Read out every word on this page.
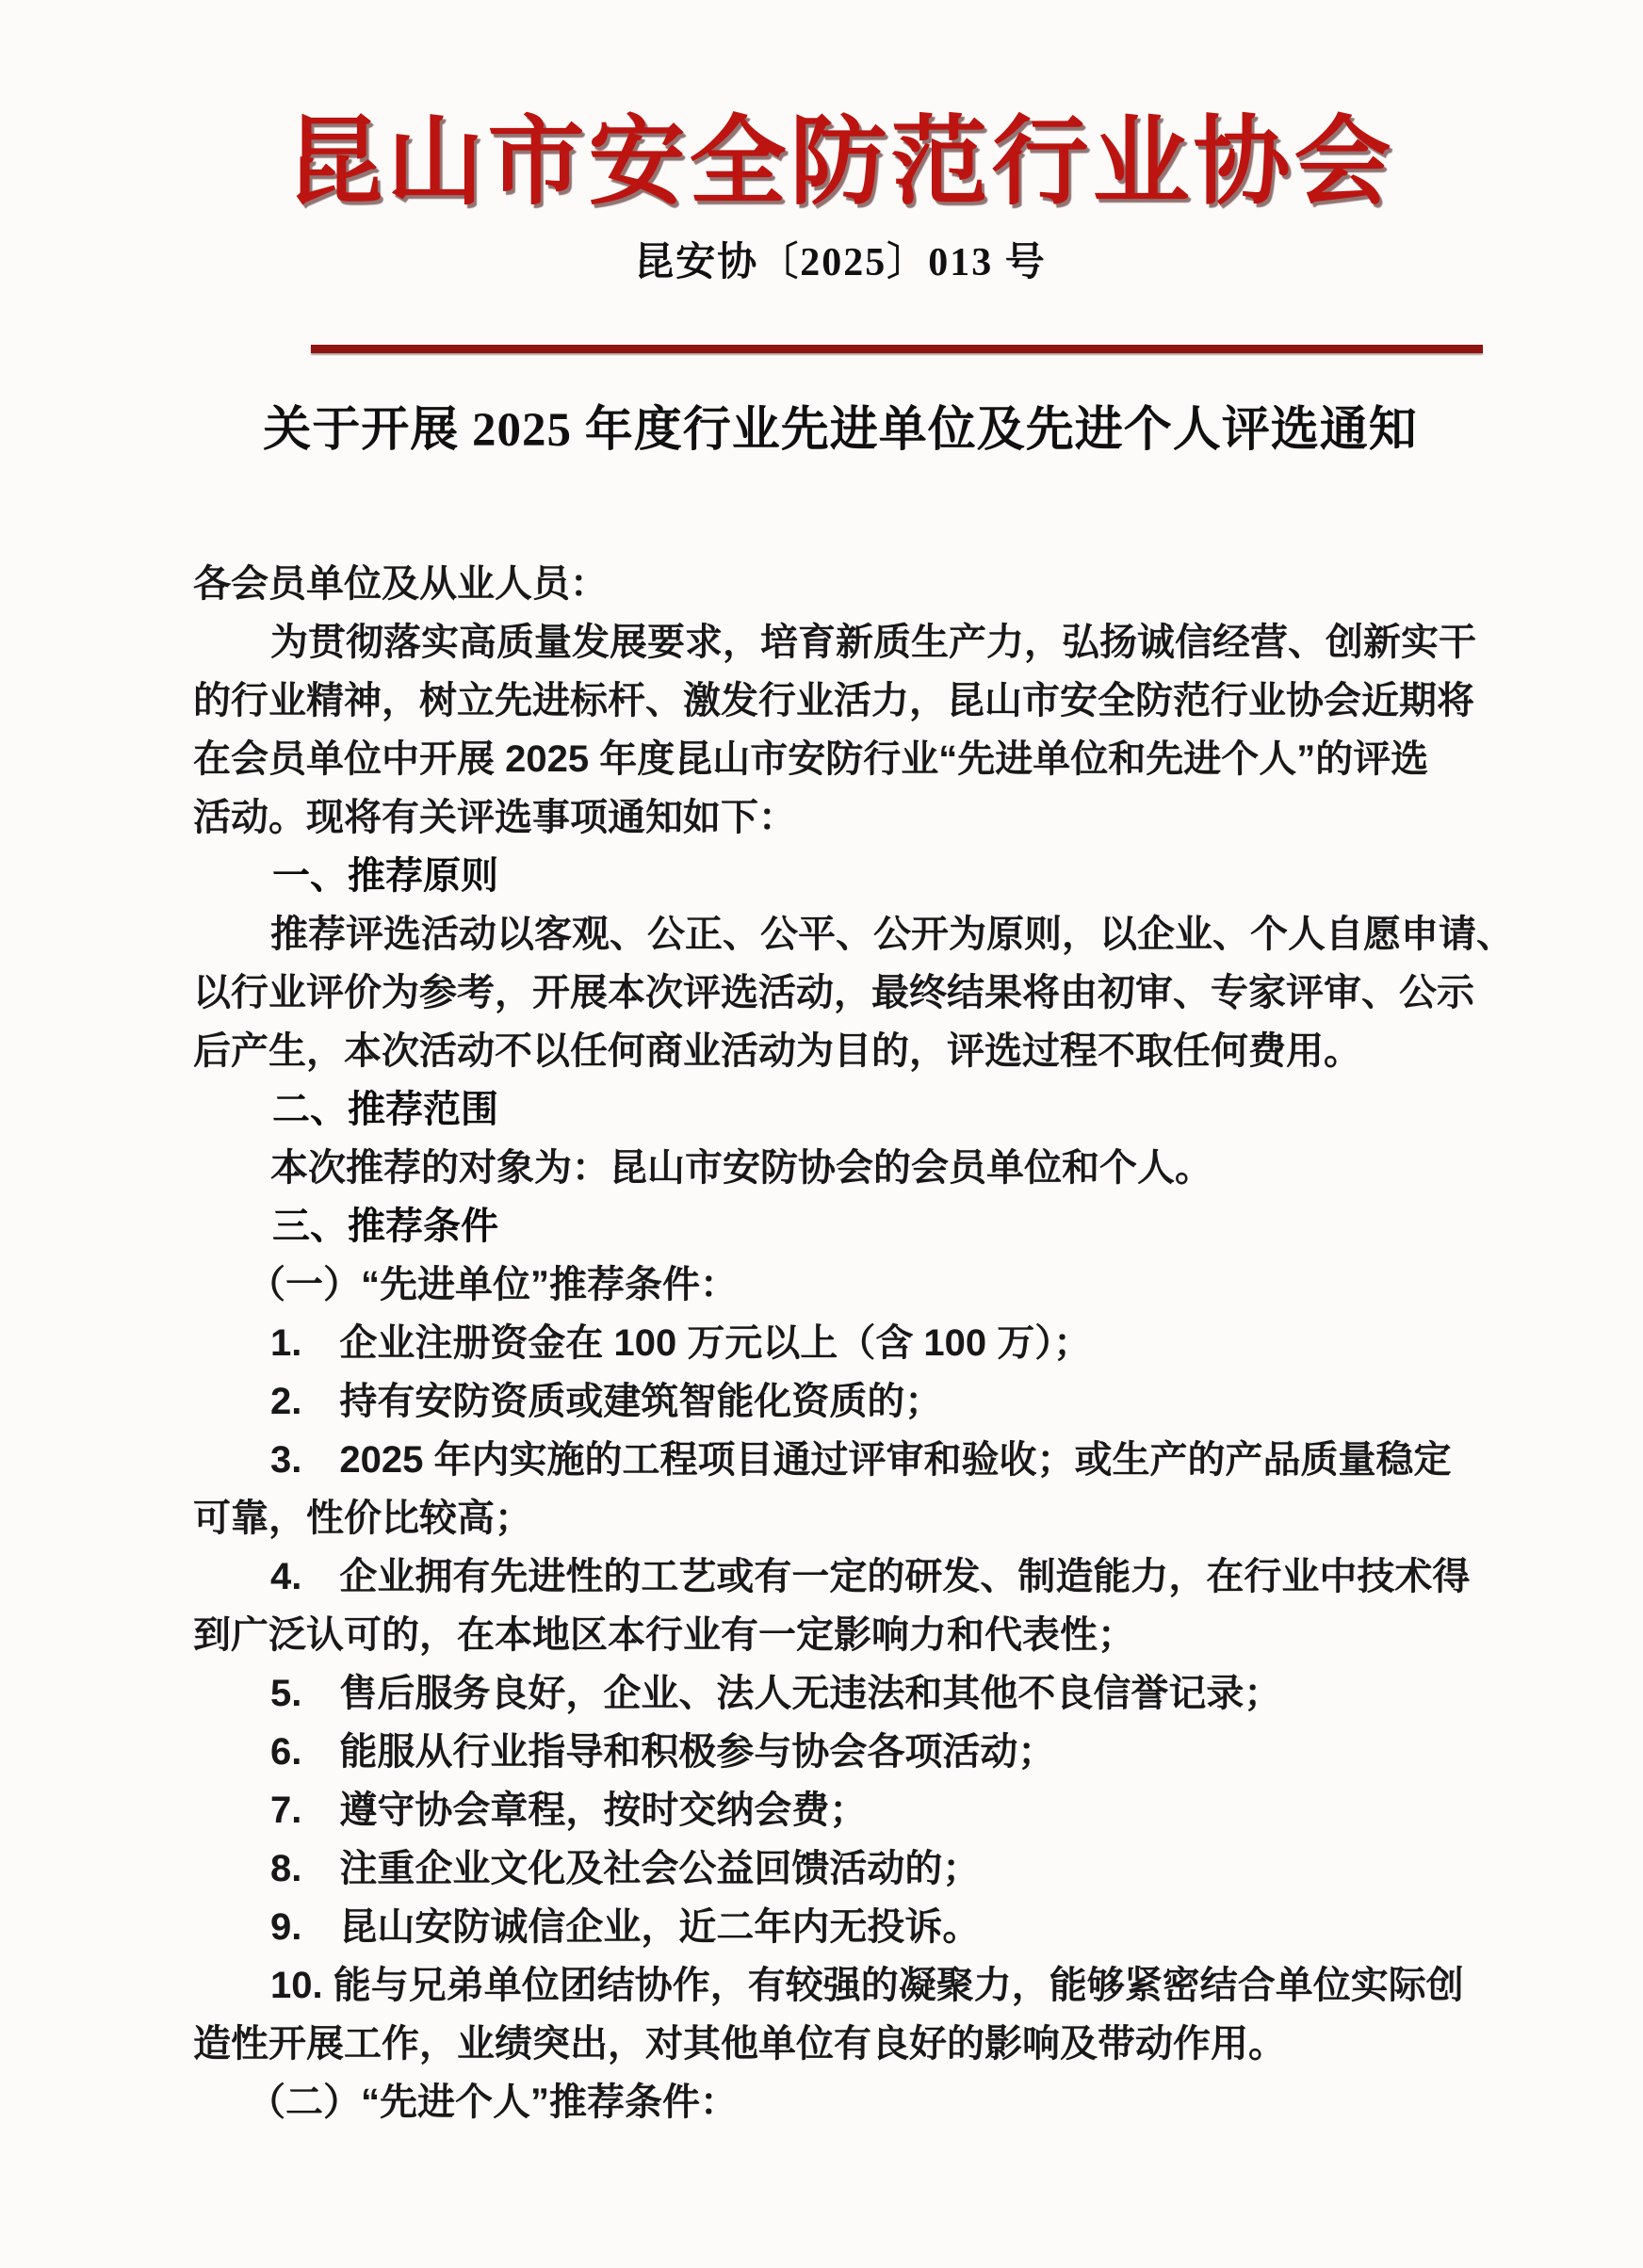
昆山市安全防范行业协会
昆安协〔2025〕013 号
关于开展 2025 年度行业先进单位及先进个人评选通知
各会员单位及从业人员：
为贯彻落实高质量发展要求，培育新质生产力，弘扬诚信经营、创新实干
的行业精神，树立先进标杆、激发行业活力，昆山市安全防范行业协会近期将
在会员单位中开展 2025 年度昆山市安防行业“先进单位和先进个人”的评选
活动。现将有关评选事项通知如下：
一、推荐原则
推荐评选活动以客观、公正、公平、公开为原则，以企业、个人自愿申请、
以行业评价为参考，开展本次评选活动，最终结果将由初审、专家评审、公示
后产生，本次活动不以任何商业活动为目的，评选过程不取任何费用。
二、推荐范围
本次推荐的对象为：昆山市安防协会的会员单位和个人。
三、推荐条件
（一）“先进单位”推荐条件：
1.　企业注册资金在 100 万元以上（含 100 万）；
2.　持有安防资质或建筑智能化资质的；
3.　2025 年内实施的工程项目通过评审和验收；或生产的产品质量稳定
可靠，性价比较高；
4.　企业拥有先进性的工艺或有一定的研发、制造能力，在行业中技术得
到广泛认可的，在本地区本行业有一定影响力和代表性；
5.　售后服务良好，企业、法人无违法和其他不良信誉记录；
6.　能服从行业指导和积极参与协会各项活动；
7.　遵守协会章程，按时交纳会费；
8.　注重企业文化及社会公益回馈活动的；
9.　昆山安防诚信企业，近二年内无投诉。
10. 能与兄弟单位团结协作，有较强的凝聚力，能够紧密结合单位实际创
造性开展工作，业绩突出，对其他单位有良好的影响及带动作用。
（二）“先进个人”推荐条件：
